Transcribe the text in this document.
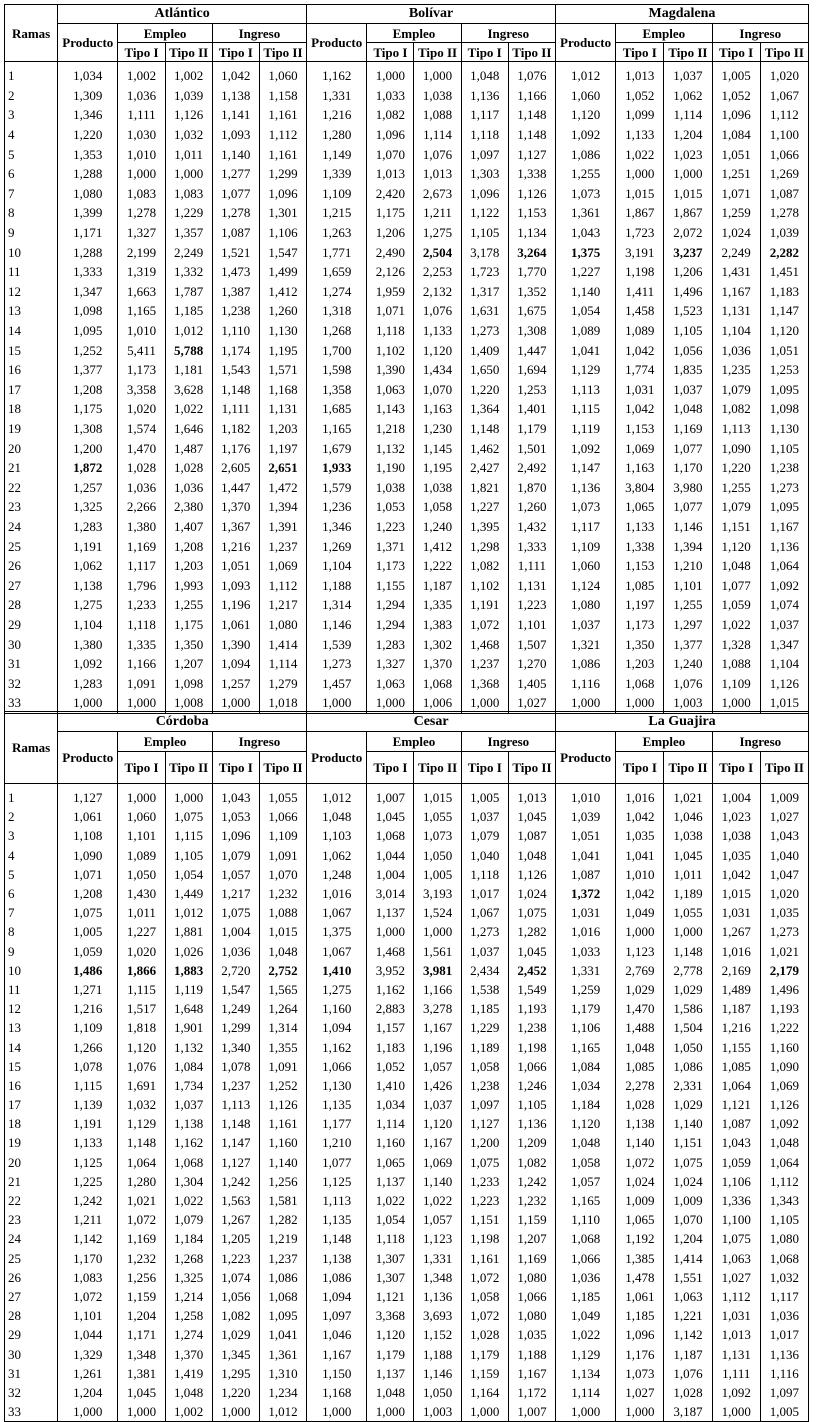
Ramas	Atlántico					Bolívar					Magdalena				
	Producto	Empleo		Ingreso		Producto	Empleo		Ingreso		Producto	Empleo		Ingreso	
		Tipo I	Tipo II	Tipo I	Tipo II		Tipo I	Tipo II	Tipo I	Tipo II		Tipo I	Tipo II	Tipo I	Tipo II
1	1,034	1,002	1,002	1,042	1,060	1,162	1,000	1,000	1,048	1,076	1,012	1,013	1,037	1,005	1,020
2	1,309	1,036	1,039	1,138	1,158	1,331	1,033	1,038	1,136	1,166	1,060	1,052	1,062	1,052	1,067
3	1,346	1,111	1,126	1,141	1,161	1,216	1,082	1,088	1,117	1,148	1,120	1,099	1,114	1,096	1,112
4	1,220	1,030	1,032	1,093	1,112	1,280	1,096	1,114	1,118	1,148	1,092	1,133	1,204	1,084	1,100
5	1,353	1,010	1,011	1,140	1,161	1,149	1,070	1,076	1,097	1,127	1,086	1,022	1,023	1,051	1,066
6	1,288	1,000	1,000	1,277	1,299	1,339	1,013	1,013	1,303	1,338	1,255	1,000	1,000	1,251	1,269
7	1,080	1,083	1,083	1,077	1,096	1,109	2,420	2,673	1,096	1,126	1,073	1,015	1,015	1,071	1,087
8	1,399	1,278	1,229	1,278	1,301	1,215	1,175	1,211	1,122	1,153	1,361	1,867	1,867	1,259	1,278
9	1,171	1,327	1,357	1,087	1,106	1,263	1,206	1,275	1,105	1,134	1,043	1,723	2,072	1,024	1,039
10	1,288	2,199	2,249	1,521	1,547	1,771	2,490	2,504	3,178	3,264	1,375	3,191	3,237	2,249	2,282
11	1,333	1,319	1,332	1,473	1,499	1,659	2,126	2,253	1,723	1,770	1,227	1,198	1,206	1,431	1,451
12	1,347	1,663	1,787	1,387	1,412	1,274	1,959	2,132	1,317	1,352	1,140	1,411	1,496	1,167	1,183
13	1,098	1,165	1,185	1,238	1,260	1,318	1,071	1,076	1,631	1,675	1,054	1,458	1,523	1,131	1,147
14	1,095	1,010	1,012	1,110	1,130	1,268	1,118	1,133	1,273	1,308	1,089	1,089	1,105	1,104	1,120
15	1,252	5,411	5,788	1,174	1,195	1,700	1,102	1,120	1,409	1,447	1,041	1,042	1,056	1,036	1,051
16	1,377	1,173	1,181	1,543	1,571	1,598	1,390	1,434	1,650	1,694	1,129	1,774	1,835	1,235	1,253
17	1,208	3,358	3,628	1,148	1,168	1,358	1,063	1,070	1,220	1,253	1,113	1,031	1,037	1,079	1,095
18	1,175	1,020	1,022	1,111	1,131	1,685	1,143	1,163	1,364	1,401	1,115	1,042	1,048	1,082	1,098
19	1,308	1,574	1,646	1,182	1,203	1,165	1,218	1,230	1,148	1,179	1,119	1,153	1,169	1,113	1,130
20	1,200	1,470	1,487	1,176	1,197	1,679	1,132	1,145	1,462	1,501	1,092	1,069	1,077	1,090	1,105
21	1,872	1,028	1,028	2,605	2,651	1,933	1,190	1,195	2,427	2,492	1,147	1,163	1,170	1,220	1,238
22	1,257	1,036	1,036	1,447	1,472	1,579	1,038	1,038	1,821	1,870	1,136	3,804	3,980	1,255	1,273
23	1,325	2,266	2,380	1,370	1,394	1,236	1,053	1,058	1,227	1,260	1,073	1,065	1,077	1,079	1,095
24	1,283	1,380	1,407	1,367	1,391	1,346	1,223	1,240	1,395	1,432	1,117	1,133	1,146	1,151	1,167
25	1,191	1,169	1,208	1,216	1,237	1,269	1,371	1,412	1,298	1,333	1,109	1,338	1,394	1,120	1,136
26	1,062	1,117	1,203	1,051	1,069	1,104	1,173	1,222	1,082	1,111	1,060	1,153	1,210	1,048	1,064
27	1,138	1,796	1,993	1,093	1,112	1,188	1,155	1,187	1,102	1,131	1,124	1,085	1,101	1,077	1,092
28	1,275	1,233	1,255	1,196	1,217	1,314	1,294	1,335	1,191	1,223	1,080	1,197	1,255	1,059	1,074
29	1,104	1,118	1,175	1,061	1,080	1,146	1,294	1,383	1,072	1,101	1,037	1,173	1,297	1,022	1,037
30	1,380	1,335	1,350	1,390	1,414	1,539	1,283	1,302	1,468	1,507	1,321	1,350	1,377	1,328	1,347
31	1,092	1,166	1,207	1,094	1,114	1,273	1,327	1,370	1,237	1,270	1,086	1,203	1,240	1,088	1,104
32	1,283	1,091	1,098	1,257	1,279	1,457	1,063	1,068	1,368	1,405	1,116	1,068	1,076	1,109	1,126
33	1,000	1,000	1,008	1,000	1,018	1,000	1,000	1,006	1,000	1,027	1,000	1,000	1,003	1,000	1,015
Ramas	Córdoba					Cesar					La Guajira				
	Producto	Empleo		Ingreso		Producto	Empleo		Ingreso		Producto	Empleo		Ingreso	
		Tipo I	Tipo II	Tipo I	Tipo II		Tipo I	Tipo II	Tipo I	Tipo II		Tipo I	Tipo II	Tipo I	Tipo II
1	1,127	1,000	1,000	1,043	1,055	1,012	1,007	1,015	1,005	1,013	1,010	1,016	1,021	1,004	1,009
2	1,061	1,060	1,075	1,053	1,066	1,048	1,045	1,055	1,037	1,045	1,039	1,042	1,046	1,023	1,027
3	1,108	1,101	1,115	1,096	1,109	1,103	1,068	1,073	1,079	1,087	1,051	1,035	1,038	1,038	1,043
4	1,090	1,089	1,105	1,079	1,091	1,062	1,044	1,050	1,040	1,048	1,041	1,041	1,045	1,035	1,040
5	1,071	1,050	1,054	1,057	1,070	1,248	1,004	1,005	1,118	1,126	1,087	1,010	1,011	1,042	1,047
6	1,208	1,430	1,449	1,217	1,232	1,016	3,014	3,193	1,017	1,024	1,372	1,042	1,189	1,015	1,020
7	1,075	1,011	1,012	1,075	1,088	1,067	1,137	1,524	1,067	1,075	1,031	1,049	1,055	1,031	1,035
8	1,005	1,227	1,881	1,004	1,015	1,375	1,000	1,000	1,273	1,282	1,016	1,000	1,000	1,267	1,273
9	1,059	1,020	1,026	1,036	1,048	1,067	1,468	1,561	1,037	1,045	1,033	1,123	1,148	1,016	1,021
10	1,486	1,866	1,883	2,720	2,752	1,410	3,952	3,981	2,434	2,452	1,331	2,769	2,778	2,169	2,179
11	1,271	1,115	1,119	1,547	1,565	1,275	1,162	1,166	1,538	1,549	1,259	1,029	1,029	1,489	1,496
12	1,216	1,517	1,648	1,249	1,264	1,160	2,883	3,278	1,185	1,193	1,179	1,470	1,586	1,187	1,193
13	1,109	1,818	1,901	1,299	1,314	1,094	1,157	1,167	1,229	1,238	1,106	1,488	1,504	1,216	1,222
14	1,266	1,120	1,132	1,340	1,355	1,162	1,183	1,196	1,189	1,198	1,165	1,048	1,050	1,155	1,160
15	1,078	1,076	1,084	1,078	1,091	1,066	1,052	1,057	1,058	1,066	1,084	1,085	1,086	1,085	1,090
16	1,115	1,691	1,734	1,237	1,252	1,130	1,410	1,426	1,238	1,246	1,034	2,278	2,331	1,064	1,069
17	1,139	1,032	1,037	1,113	1,126	1,135	1,034	1,037	1,097	1,105	1,184	1,028	1,029	1,121	1,126
18	1,191	1,129	1,138	1,148	1,161	1,177	1,114	1,120	1,127	1,136	1,120	1,138	1,140	1,087	1,092
19	1,133	1,148	1,162	1,147	1,160	1,210	1,160	1,167	1,200	1,209	1,048	1,140	1,151	1,043	1,048
20	1,125	1,064	1,068	1,127	1,140	1,077	1,065	1,069	1,075	1,082	1,058	1,072	1,075	1,059	1,064
21	1,225	1,280	1,304	1,242	1,256	1,125	1,137	1,140	1,233	1,242	1,057	1,024	1,024	1,106	1,112
22	1,242	1,021	1,022	1,563	1,581	1,113	1,022	1,022	1,223	1,232	1,165	1,009	1,009	1,336	1,343
23	1,211	1,072	1,079	1,267	1,282	1,135	1,054	1,057	1,151	1,159	1,110	1,065	1,070	1,100	1,105
24	1,142	1,169	1,184	1,205	1,219	1,148	1,118	1,123	1,198	1,207	1,068	1,192	1,204	1,075	1,080
25	1,170	1,232	1,268	1,223	1,237	1,138	1,307	1,331	1,161	1,169	1,066	1,385	1,414	1,063	1,068
26	1,083	1,256	1,325	1,074	1,086	1,086	1,307	1,348	1,072	1,080	1,036	1,478	1,551	1,027	1,032
27	1,072	1,159	1,214	1,056	1,068	1,094	1,121	1,136	1,058	1,066	1,185	1,061	1,063	1,112	1,117
28	1,101	1,204	1,258	1,082	1,095	1,097	3,368	3,693	1,072	1,080	1,049	1,185	1,221	1,031	1,036
29	1,044	1,171	1,274	1,029	1,041	1,046	1,120	1,152	1,028	1,035	1,022	1,096	1,142	1,013	1,017
30	1,329	1,348	1,370	1,345	1,361	1,167	1,179	1,188	1,179	1,188	1,129	1,176	1,187	1,131	1,136
31	1,261	1,381	1,419	1,295	1,310	1,150	1,137	1,146	1,159	1,167	1,134	1,073	1,076	1,111	1,116
32	1,204	1,045	1,048	1,220	1,234	1,168	1,048	1,050	1,164	1,172	1,114	1,027	1,028	1,092	1,097
33	1,000	1,000	1,002	1,000	1,012	1,000	1,000	1,003	1,000	1,007	1,000	1,000	3,187	1,000	1,005
